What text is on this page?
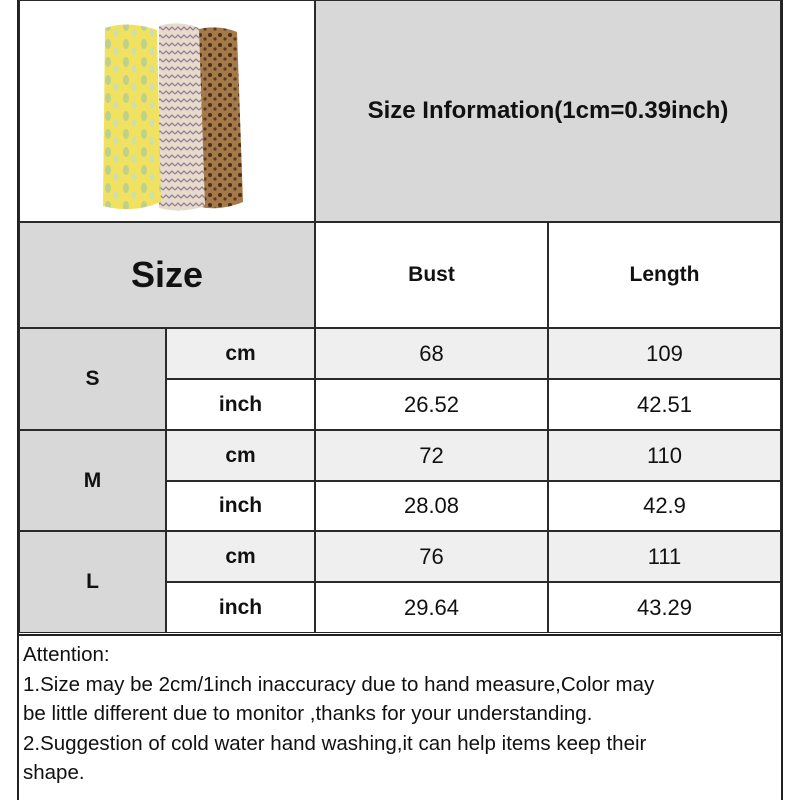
Size Information(1cm=0.39inch)
Size	Bust	Length
S
cm	68	109
inch	26.52	42.51
M
cm	72	110
inch	28.08	42.9
L
cm	76	111
inch	29.64	43.29
Attention:
1.Size may be 2cm/1inch inaccuracy due to hand measure,Color may
be little different due to monitor ,thanks for your understanding.
2.Suggestion of cold water hand washing,it can help items keep their
shape.
